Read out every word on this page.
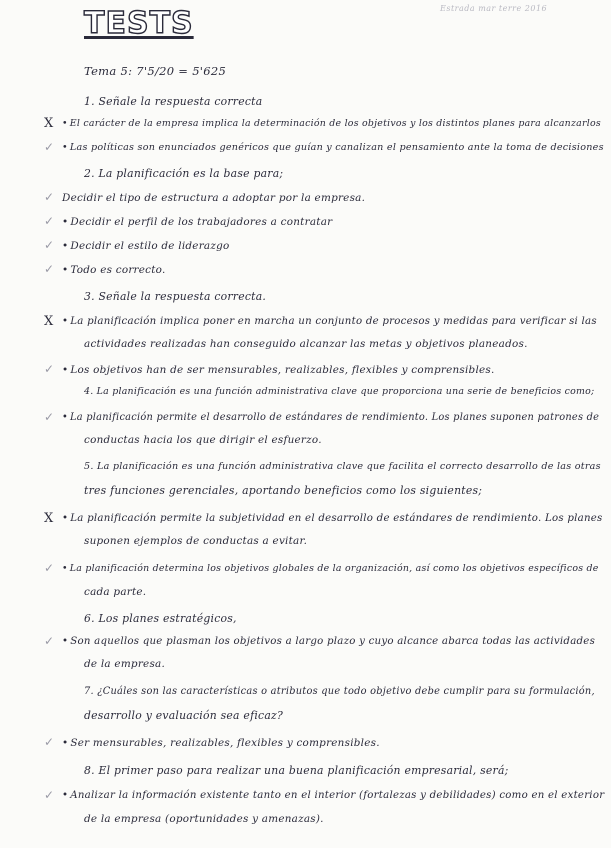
TESTS	Estrada mar terre 2016
Tema 5: 7'5/20 = 5'625
1. Señale la respuesta correcta
X • El carácter de la empresa implica la determinación de los objetivos y los distintos planes para alcanzarlos
✓ • Las políticas son enunciados genéricos que guían y canalizan el pensamiento ante la toma de decisiones
2. La planificación es la base para;
✓ Decidir el tipo de estructura a adoptar por la empresa.
✓ • Decidir el perfil de los trabajadores a contratar
✓ • Decidir el estilo de liderazgo
✓ • Todo es correcto.
3. Señale la respuesta correcta.
X • La planificación implica poner en marcha un conjunto de procesos y medidas para verificar si las
actividades realizadas han conseguido alcanzar las metas y objetivos planeados.
✓ • Los objetivos han de ser mensurables, realizables, flexibles y comprensibles.
4. La planificación es una función administrativa clave que proporciona una serie de beneficios como;
✓ • La planificación permite el desarrollo de estándares de rendimiento. Los planes suponen patrones de
conductas hacia los que dirigir el esfuerzo.
5. La planificación es una función administrativa clave que facilita el correcto desarrollo de las otras
tres funciones gerenciales, aportando beneficios como los siguientes;
X • La planificación permite la subjetividad en el desarrollo de estándares de rendimiento. Los planes
suponen ejemplos de conductas a evitar.
✓ • La planificación determina los objetivos globales de la organización, así como los objetivos específicos de
cada parte.
6. Los planes estratégicos,
✓ • Son aquellos que plasman los objetivos a largo plazo y cuyo alcance abarca todas las actividades
de la empresa.
7. ¿Cuáles son las características o atributos que todo objetivo debe cumplir para su formulación,
desarrollo y evaluación sea eficaz?
✓ • Ser mensurables, realizables, flexibles y comprensibles.
8. El primer paso para realizar una buena planificación empresarial, será;
✓ • Analizar la información existente tanto en el interior (fortalezas y debilidades) como en el exterior
de la empresa (oportunidades y amenazas).
